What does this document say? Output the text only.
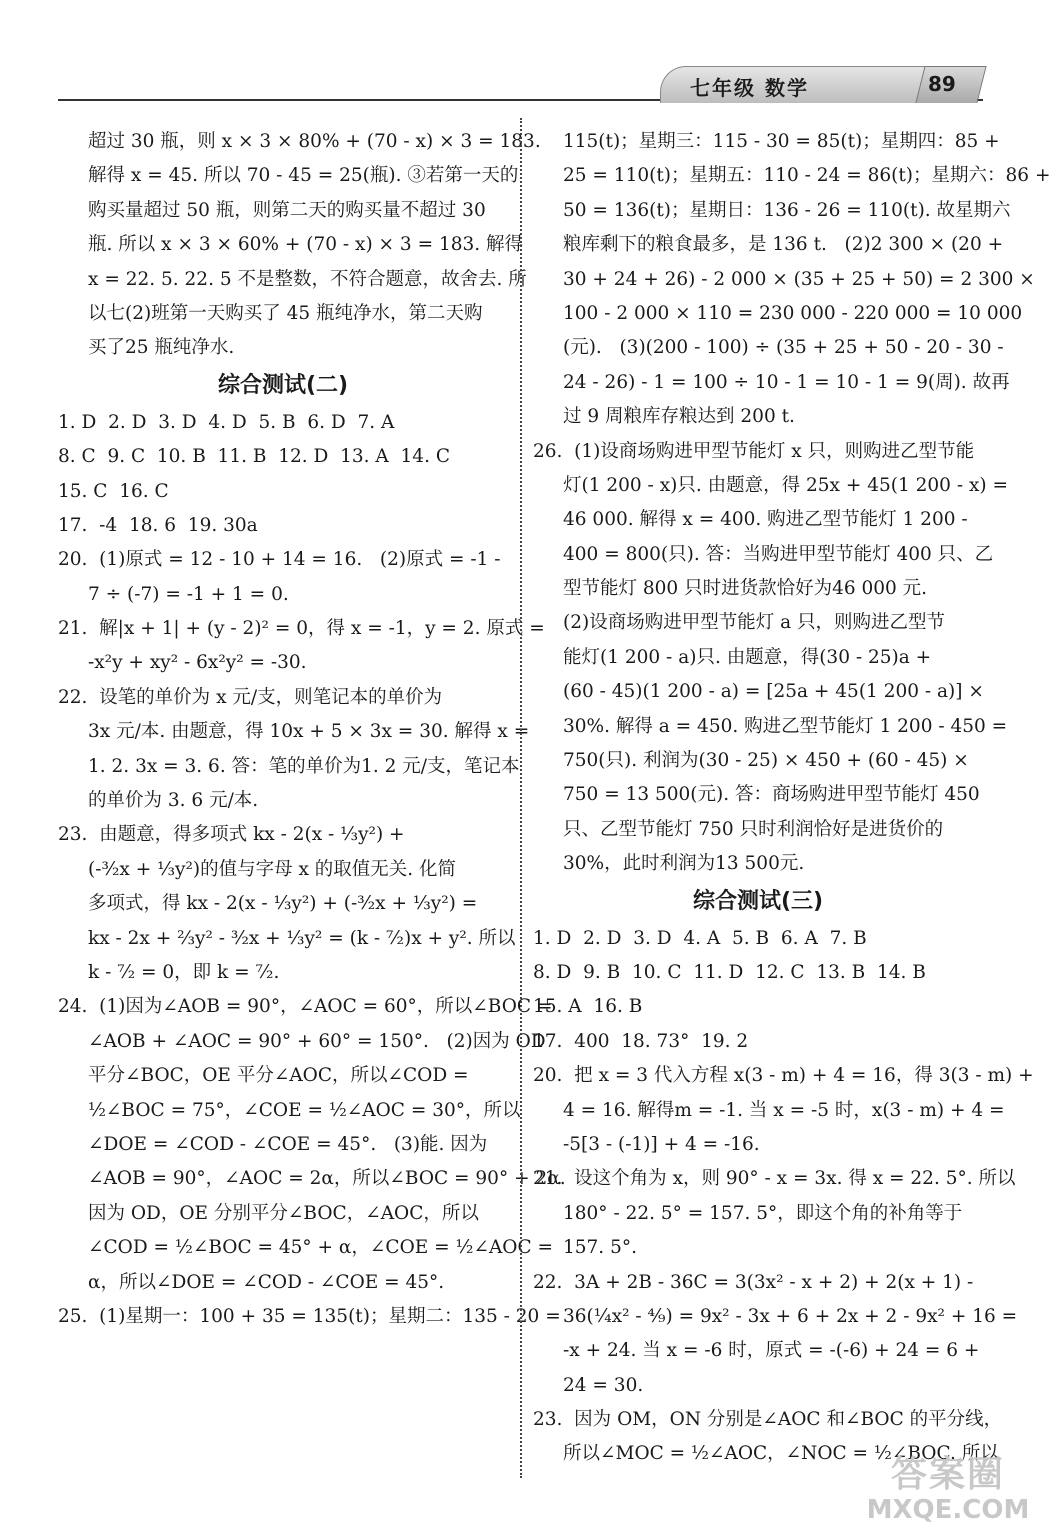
七年级 数学	89
超过 30 瓶，则 x × 3 × 80% + (70 - x) × 3 = 183.
解得 x = 45. 所以 70 - 45 = 25(瓶). ③若第一天的
购买量超过 50 瓶，则第二天的购买量不超过 30
瓶. 所以 x × 3 × 60% + (70 - x) × 3 = 183. 解得
x = 22. 5. 22. 5 不是整数，不符合题意，故舍去. 所
以七(2)班第一天购买了 45 瓶纯净水，第二天购
买了25 瓶纯净水.
综合测试(二)
1. D  2. D  3. D  4. D  5. B  6. D  7. A
8. C  9. C  10. B  11. B  12. D  13. A  14. C
15. C  16. C
17.  -4  18. 6  19. 30a
20.  (1)原式 = 12 - 10 + 14 = 16.   (2)原式 = -1 -
7 ÷ (-7) = -1 + 1 = 0.
21.  解|x + 1| + (y - 2)² = 0，得 x = -1，y = 2. 原式 =
-x²y + xy² - 6x²y² = -30.
22.  设笔的单价为 x 元/支，则笔记本的单价为
3x 元/本. 由题意，得 10x + 5 × 3x = 30. 解得 x =
1. 2. 3x = 3. 6. 答：笔的单价为1. 2 元/支，笔记本
的单价为 3. 6 元/本.
23.  由题意，得多项式 kx - 2(x - ⅓y²) +
(-³⁄₂x + ⅓y²)的值与字母 x 的取值无关. 化简
多项式，得 kx - 2(x - ⅓y²) + (-³⁄₂x + ⅓y²) =
kx - 2x + ⅔y² - ³⁄₂x + ⅓y² = (k - ⁷⁄₂)x + y². 所以
k - ⁷⁄₂ = 0，即 k = ⁷⁄₂.
24.  (1)因为∠AOB = 90°，∠AOC = 60°，所以∠BOC =
∠AOB + ∠AOC = 90° + 60° = 150°.   (2)因为 OD
平分∠BOC，OE 平分∠AOC，所以∠COD =
½∠BOC = 75°，∠COE = ½∠AOC = 30°，所以
∠DOE = ∠COD - ∠COE = 45°.   (3)能. 因为
∠AOB = 90°，∠AOC = 2α，所以∠BOC = 90° + 2α.
因为 OD，OE 分别平分∠BOC，∠AOC，所以
∠COD = ½∠BOC = 45° + α，∠COE = ½∠AOC =
α，所以∠DOE = ∠COD - ∠COE = 45°.
25.  (1)星期一：100 + 35 = 135(t)；星期二：135 - 20 =
115(t)；星期三：115 - 30 = 85(t)；星期四：85 +
25 = 110(t)；星期五：110 - 24 = 86(t)；星期六：86 +
50 = 136(t)；星期日：136 - 26 = 110(t). 故星期六
粮库剩下的粮食最多，是 136 t.   (2)2 300 × (20 +
30 + 24 + 26) - 2 000 × (35 + 25 + 50) = 2 300 ×
100 - 2 000 × 110 = 230 000 - 220 000 = 10 000
(元).   (3)(200 - 100) ÷ (35 + 25 + 50 - 20 - 30 -
24 - 26) - 1 = 100 ÷ 10 - 1 = 10 - 1 = 9(周). 故再
过 9 周粮库存粮达到 200 t.
26.  (1)设商场购进甲型节能灯 x 只，则购进乙型节能
灯(1 200 - x)只. 由题意，得 25x + 45(1 200 - x) =
46 000. 解得 x = 400. 购进乙型节能灯 1 200 -
400 = 800(只). 答：当购进甲型节能灯 400 只、乙
型节能灯 800 只时进货款恰好为46 000 元.
(2)设商场购进甲型节能灯 a 只，则购进乙型节
能灯(1 200 - a)只. 由题意，得(30 - 25)a +
(60 - 45)(1 200 - a) = [25a + 45(1 200 - a)] ×
30%. 解得 a = 450. 购进乙型节能灯 1 200 - 450 =
750(只). 利润为(30 - 25) × 450 + (60 - 45) ×
750 = 13 500(元). 答：商场购进甲型节能灯 450
只、乙型节能灯 750 只时利润恰好是进货价的
30%，此时利润为13 500元.
综合测试(三)
1. D  2. D  3. D  4. A  5. B  6. A  7. B
8. D  9. B  10. C  11. D  12. C  13. B  14. B
15. A  16. B
17.  400  18. 73°  19. 2
20.  把 x = 3 代入方程 x(3 - m) + 4 = 16，得 3(3 - m) +
4 = 16. 解得m = -1. 当 x = -5 时，x(3 - m) + 4 =
-5[3 - (-1)] + 4 = -16.
21.  设这个角为 x，则 90° - x = 3x. 得 x = 22. 5°. 所以
180° - 22. 5° = 157. 5°，即这个角的补角等于
157. 5°.
22.  3A + 2B - 36C = 3(3x² - x + 2) + 2(x + 1) -
36(¼x² - ⁴⁄₉) = 9x² - 3x + 6 + 2x + 2 - 9x² + 16 =
-x + 24. 当 x = -6 时，原式 = -(-6) + 24 = 6 +
24 = 30.
23.  因为 OM，ON 分别是∠AOC 和∠BOC 的平分线，
所以∠MOC = ½∠AOC，∠NOC = ½∠BOC. 所以
答案圈
MXQE.COM
